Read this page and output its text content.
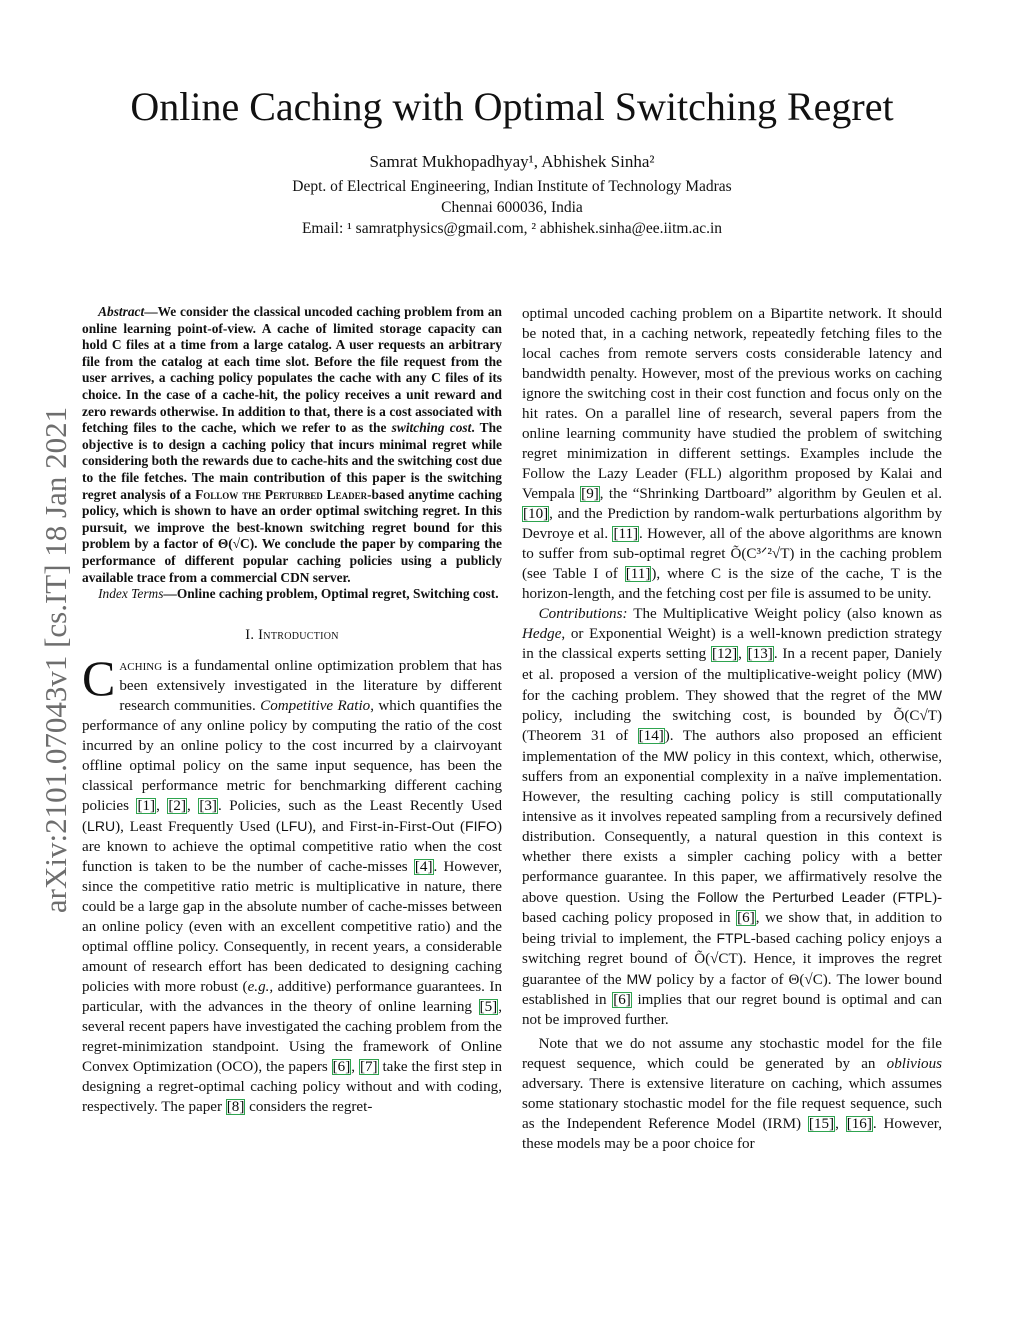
Online Caching with Optimal Switching Regret
Samrat Mukhopadhyay¹, Abhishek Sinha²
Dept. of Electrical Engineering, Indian Institute of Technology Madras
Chennai 600036, India
Email: ¹ samratphysics@gmail.com, ² abhishek.sinha@ee.iitm.ac.in
arXiv:2101.07043v1 [cs.IT] 18 Jan 2021

Abstract—We consider the classical uncoded caching problem from an online learning point-of-view. A cache of limited storage capacity can hold C files at a time from a large catalog. A user requests an arbitrary file from the catalog at each time slot. Before the file request from the user arrives, a caching policy populates the cache with any C files of its choice. In the case of a cache-hit, the policy receives a unit reward and zero rewards otherwise. In addition to that, there is a cost associated with fetching files to the cache, which we refer to as the switching cost. The objective is to design a caching policy that incurs minimal regret while considering both the rewards due to cache-hits and the switching cost due to the file fetches. The main contribution of this paper is the switching regret analysis of a Follow the Perturbed Leader-based anytime caching policy, which is shown to have an order optimal switching regret. In this pursuit, we improve the best-known switching regret bound for this problem by a factor of Θ(√C). We conclude the paper by comparing the performance of different popular caching policies using a publicly available trace from a commercial CDN server.

Index Terms—Online caching problem, Optimal regret, Switching cost.

I. Introduction

Caching is a fundamental online optimization problem that has been extensively investigated in the literature by different research communities. Competitive Ratio, which quantifies the performance of any online policy by computing the ratio of the cost incurred by an online policy to the cost incurred by a clairvoyant offline optimal policy on the same input sequence, has been the classical performance metric for benchmarking different caching policies [1], [2], [3]. Policies, such as the Least Recently Used (LRU), Least Frequently Used (LFU), and First-in-First-Out (FIFO) are known to achieve the optimal competitive ratio when the cost function is taken to be the number of cache-misses [4]. However, since the competitive ratio metric is multiplicative in nature, there could be a large gap in the absolute number of cache-misses between an online policy (even with an excellent competitive ratio) and the optimal offline policy. Consequently, in recent years, a considerable amount of research effort has been dedicated to designing caching policies with more robust (e.g., additive) performance guarantees. In particular, with the advances in the theory of online learning [5], several recent papers have investigated the caching problem from the regret-minimization standpoint. Using the framework of Online Convex Optimization (OCO), the papers [6], [7] take the first step in designing a regret-optimal caching policy without and with coding, respectively. The paper [8] considers the regret-

optimal uncoded caching problem on a Bipartite network. It should be noted that, in a caching network, repeatedly fetching files to the local caches from remote servers costs considerable latency and bandwidth penalty. However, most of the previous works on caching ignore the switching cost in their cost function and focus only on the hit rates. On a parallel line of research, several papers from the online learning community have studied the problem of switching regret minimization in different settings. Examples include the Follow the Lazy Leader (FLL) algorithm proposed by Kalai and Vempala [9], the “Shrinking Dartboard” algorithm by Geulen et al. [10], and the Prediction by random-walk perturbations algorithm by Devroye et al. [11]. However, all of the above algorithms are known to suffer from sub-optimal regret Õ(C³ᐟ²√T) in the caching problem (see Table I of [11]), where C is the size of the cache, T is the horizon-length, and the fetching cost per file is assumed to be unity.

Contributions: The Multiplicative Weight policy (also known as Hedge, or Exponential Weight) is a well-known prediction strategy in the classical experts setting [12], [13]. In a recent paper, Daniely et al. proposed a version of the multiplicative-weight policy (MW) for the caching problem. They showed that the regret of the MW policy, including the switching cost, is bounded by Õ(C√T) (Theorem 31 of [14]). The authors also proposed an efficient implementation of the MW policy in this context, which, otherwise, suffers from an exponential complexity in a naïve implementation. However, the resulting caching policy is still computationally intensive as it involves repeated sampling from a recursively defined distribution. Consequently, a natural question in this context is whether there exists a simpler caching policy with a better performance guarantee. In this paper, we affirmatively resolve the above question. Using the Follow the Perturbed Leader (FTPL)-based caching policy proposed in [6], we show that, in addition to being trivial to implement, the FTPL-based caching policy enjoys a switching regret bound of Õ(√CT). Hence, it improves the regret guarantee of the MW policy by a factor of Θ(√C). The lower bound established in [6] implies that our regret bound is optimal and can not be improved further.

Note that we do not assume any stochastic model for the file request sequence, which could be generated by an oblivious adversary. There is extensive literature on caching, which assumes some stationary stochastic model for the file request sequence, such as the Independent Reference Model (IRM) [15], [16]. However, these models may be a poor choice for
